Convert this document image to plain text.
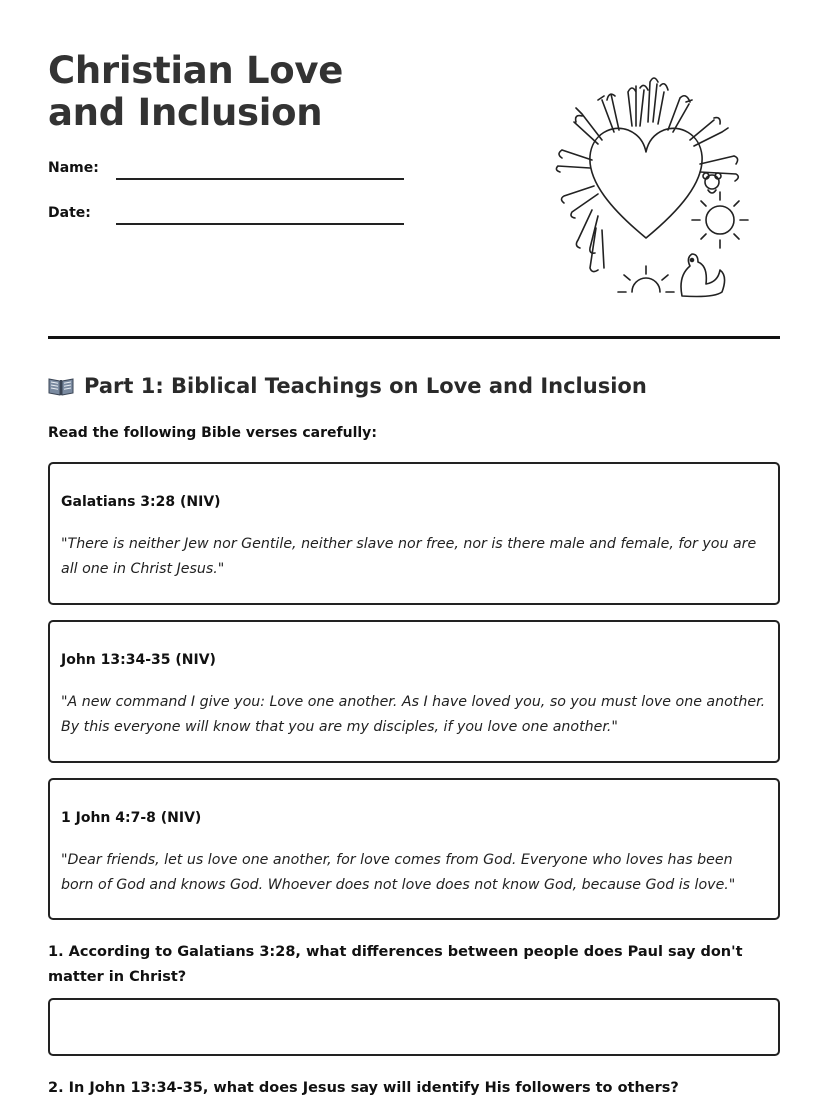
Christian Love and Inclusion
Name:
Date:
Part 1: Biblical Teachings on Love and Inclusion

Read the following Bible verses carefully:

Galatians 3:28 (NIV)
"There is neither Jew nor Gentile, neither slave nor free, nor is there male and female, for you are all one in Christ Jesus."
John 13:34-35 (NIV)
"A new command I give you: Love one another. As I have loved you, so you must love one another. By this everyone will know that you are my disciples, if you love one another."
1 John 4:7-8 (NIV)
"Dear friends, let us love one another, for love comes from God. Everyone who loves has been born of God and knows God. Whoever does not love does not know God, because God is love."

1. According to Galatians 3:28, what differences between people does Paul say don't matter in Christ?

2. In John 13:34-35, what does Jesus say will identify His followers to others?
